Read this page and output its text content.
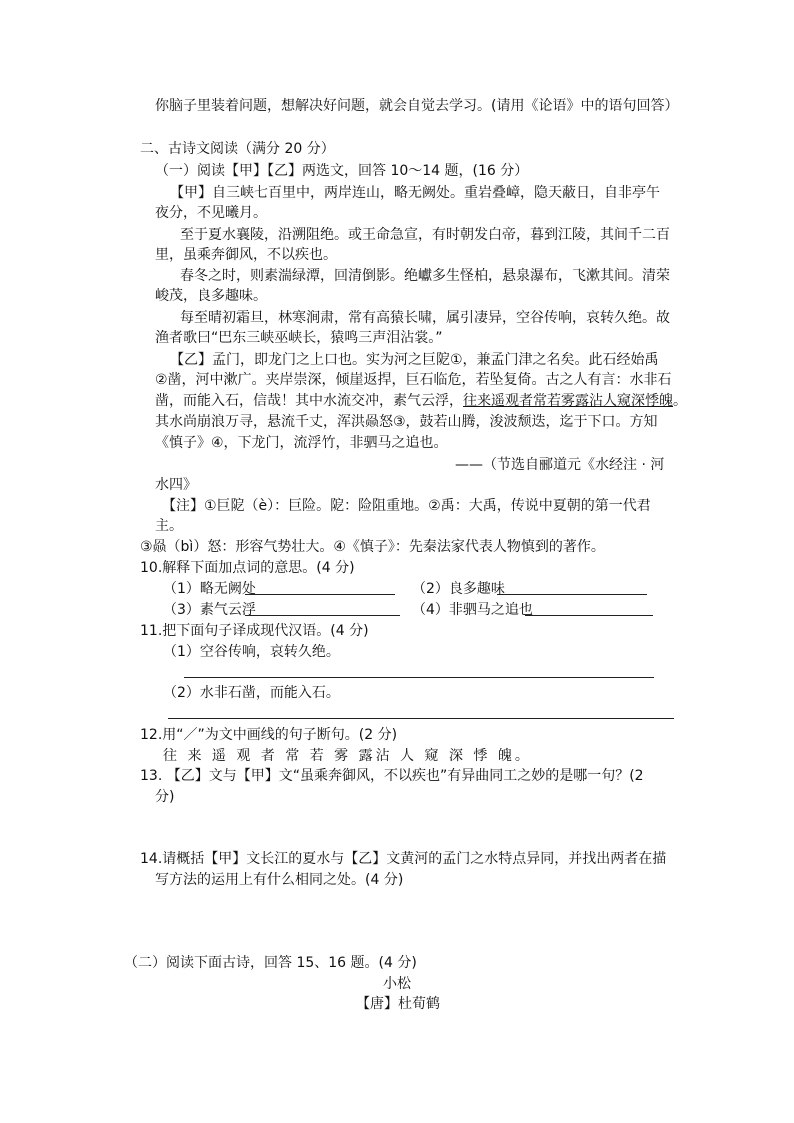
你脑子里装着问题，想解决好问题，就会自觉去学习。(请用《论语》中的语句回答）
二、古诗文阅读（满分 20 分）
（一）阅读【甲】【乙】两选文，回答 10～14 题，(16 分）
【甲】自三峡七百里中，两岸连山，略无阙处。重岩叠嶂，隐天蔽日，自非亭午
夜分，不见曦月。
至于夏水襄陵，沿溯阻绝。或王命急宣，有时朝发白帝，暮到江陵，其间千二百
里，虽乘奔御风，不以疾也。
春冬之时，则素湍绿潭，回清倒影。绝巘多生怪柏，悬泉瀑布，飞漱其间。清荣
峻茂，良多趣味。
每至晴初霜旦，林寒涧肃，常有高猿长啸，属引凄异，空谷传响，哀转久绝。故
渔者歌曰“巴东三峡巫峡长，猿鸣三声泪沾裳。”
【乙】孟门，即龙门之上口也。实为河之巨阸①，兼孟门津之名矣。此石经始禹
②凿，河中漱广。夹岸崇深，倾崖返捍，巨石临危，若坠复倚。古之人有言：水非石
凿，而能入石，信哉！其中水流交冲，素气云浮，往来遥观者常若雾露沾人窥深悸魄。
其水尚崩浪万寻，悬流千丈，浑洪赑怒③，鼓若山腾，浚波颓迭，迄于下口。方知
《慎子》④，下龙门，流浮竹，非驷马之追也。
——（节选自郦道元《水经注 · 河
水四》
【注】①巨阸（è）：巨险。阸：险阻重地。②禹：大禹，传说中夏朝的第一代君
主。
③赑（bì）怒：形容气势壮大。④《慎子》：先秦法家代表人物慎到的著作。
10.解释下面加点词的意思。(4 分)
（1）略无阙处	（2）良多趣味
（3）素气云浮	（4）非驷马之追也
11.把下面句子译成现代汉语。(4 分)
（1）空谷传响，哀转久绝。
（2）水非石凿，而能入石。
12.用“／”为文中画线的句子断句。(2 分)
往 来 遥 观 者 常 若 雾 露沾 人 窥 深 悸 魄。
13. 【乙】文与【甲】文“虽乘奔御风，不以疾也”有异曲同工之妙的是哪一句？(2
分)
14.请概括【甲】文长江的夏水与【乙】文黄河的孟门之水特点异同，并找出两者在描
写方法的运用上有什么相同之处。(4 分)
（二）阅读下面古诗，回答 15、16 题。(4 分)
小松
【唐】杜荀鹤
